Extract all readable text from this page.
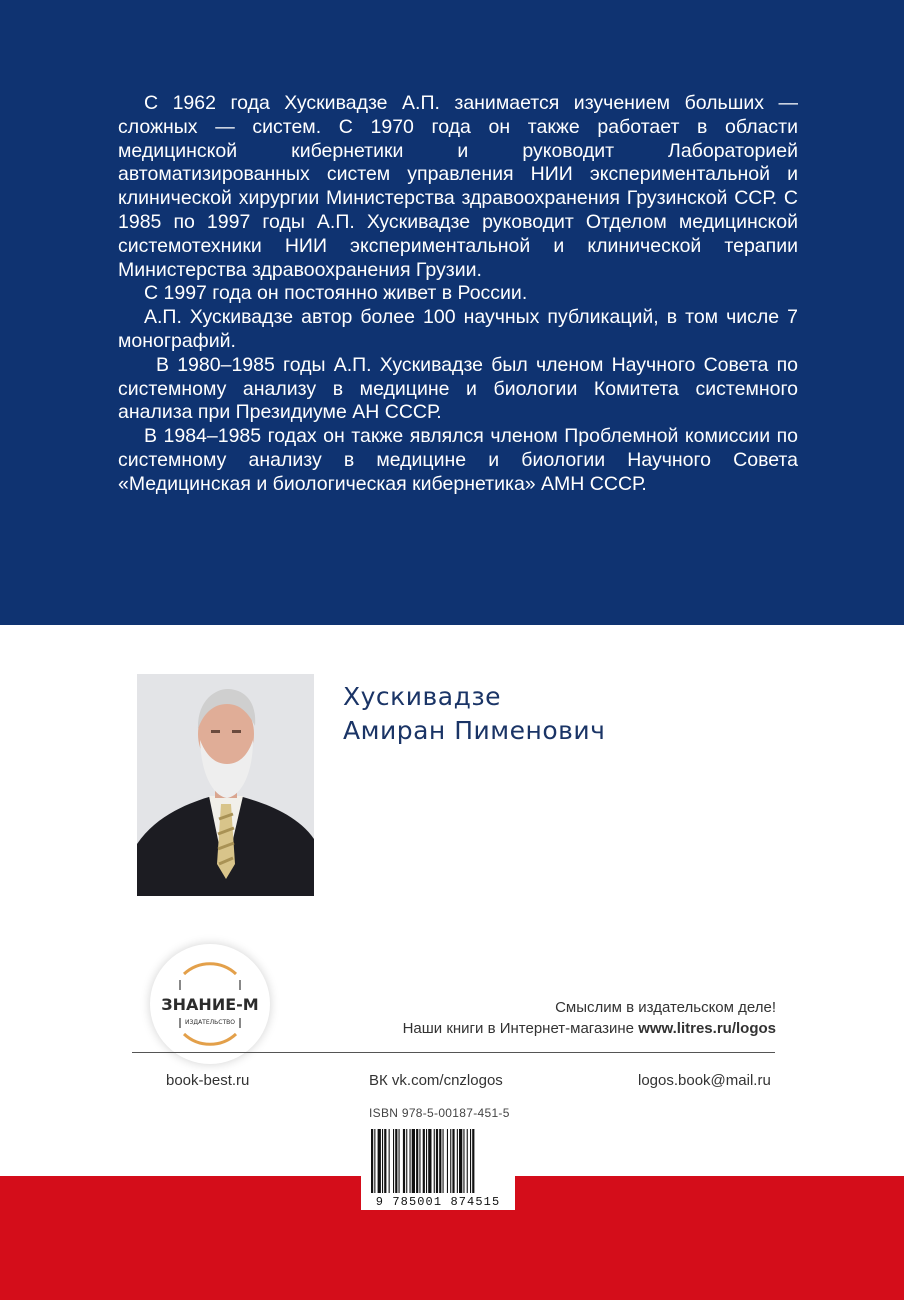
С 1962 года Хускивадзе А.П. занимается изучением больших — сложных — систем. С 1970 года он также работает в области медицинской кибернетики и руководит Лабораторией автоматизированных систем управления НИИ экспериментальной и клинической хирургии Министерства здравоохранения Грузинской ССР. С 1985 по 1997 годы А.П. Хускивадзе руководит Отделом медицинской системотехники НИИ экспериментальной и клинической терапии Министерства здравоохранения Грузии.

С 1997 года он постоянно живет в России.

А.П. Хускивадзе автор более 100 научных публикаций, в том числе 7 монографий.

В 1980–1985 годы А.П. Хускивадзе был членом Научного Совета по системному анализу в медицине и биологии Комитета системного анализа при Президиуме АН СССР.

В 1984–1985 годах он также являлся членом Проблемной комиссии по системному анализу в медицине и биологии Научного Совета «Медицинская и биологическая кибернетика» АМН СССР.

Хускивадзе
Амиран Пименович
ЗНАНИЕ-М
ИЗДАТЕЛЬСТВО
Смыслим в издательском деле!
Наши книги в Интернет-магазине www.litres.ru/logos
book-best.ru	ВК vk.com/cnzlogos	logos.book@mail.ru
ISBN 978-5-00187-451-5
9 785001 874515
